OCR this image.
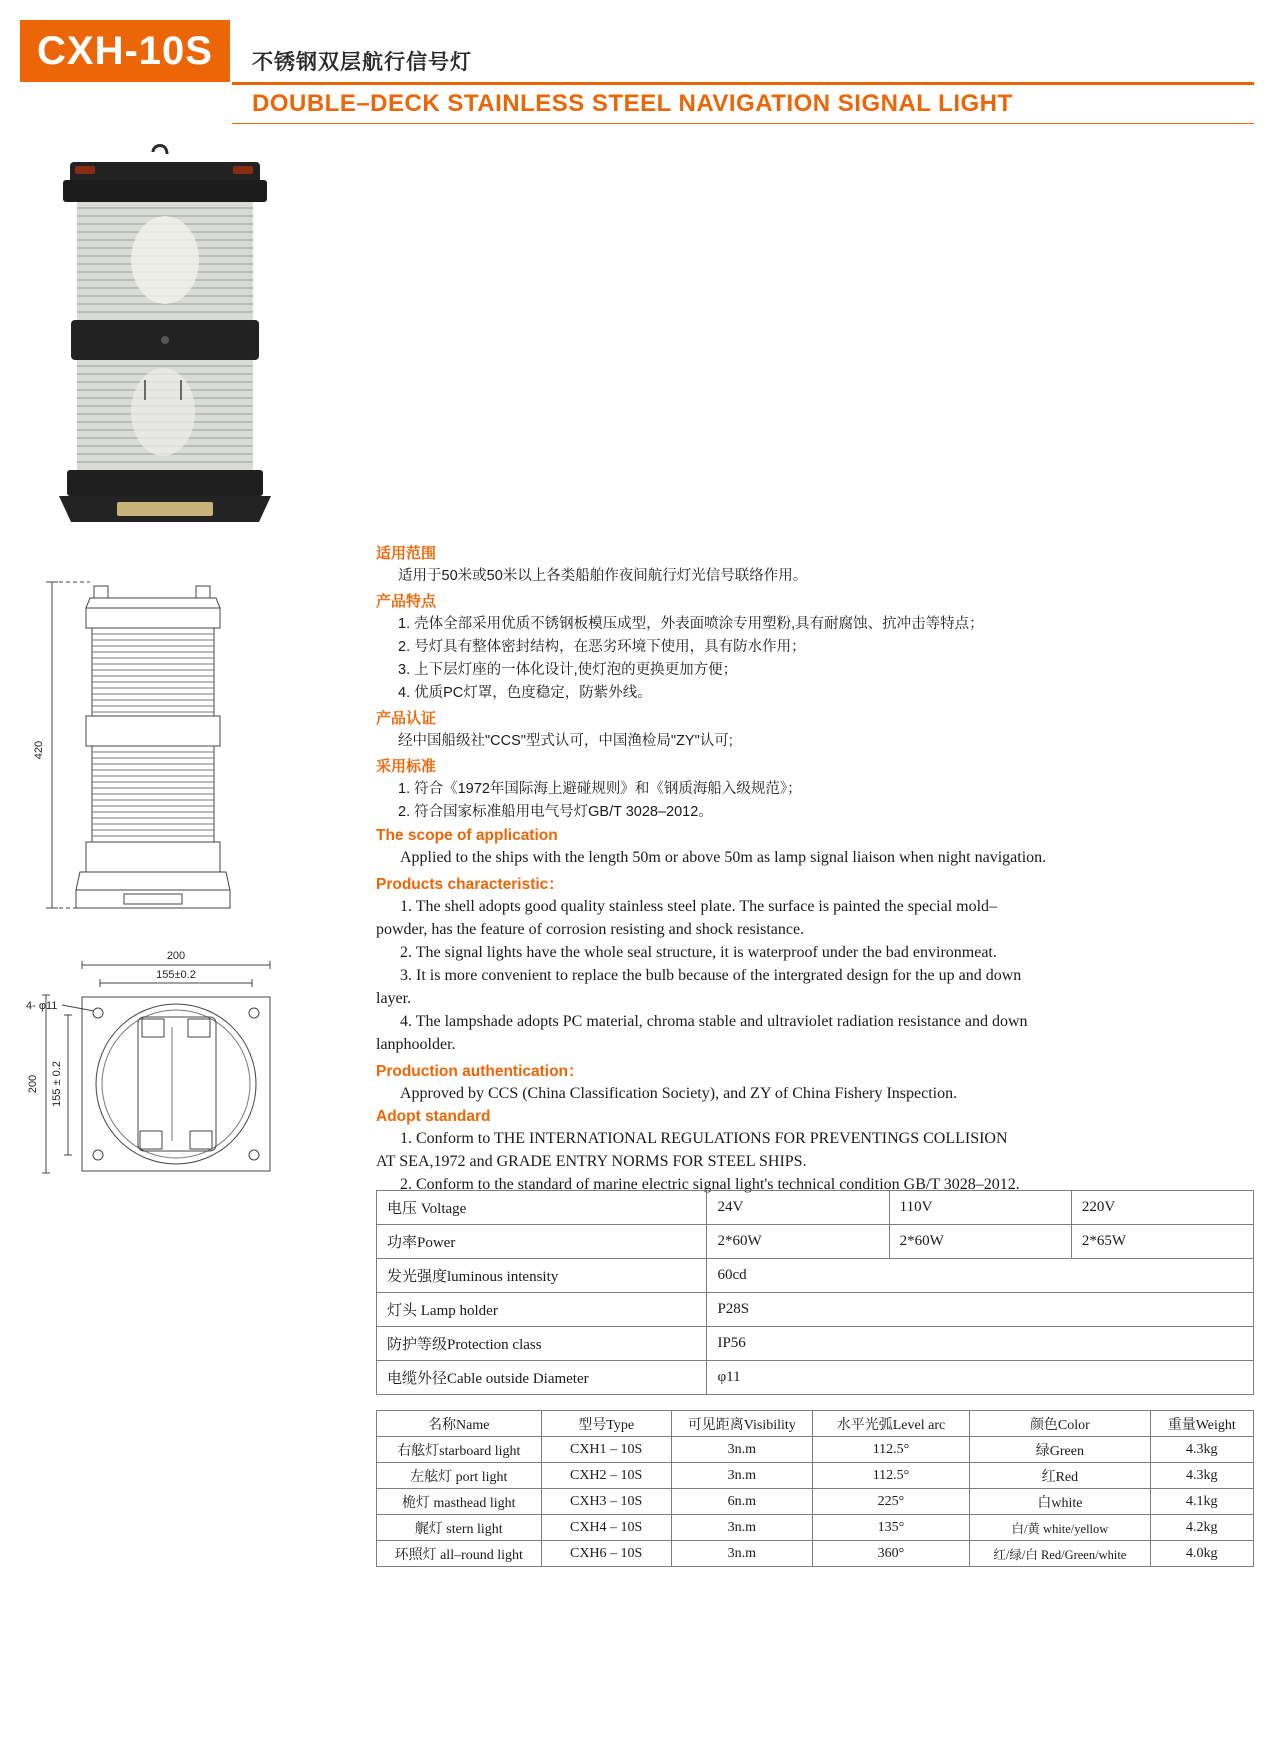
CXH-10S	不锈钢双层航行信号灯
DOUBLE–DECK STAINLESS STEEL NAVIGATION SIGNAL LIGHT
420
200
155±0.2
200 155 ± 0.2
4- φ11
适用范围
适用于50米或50米以上各类船舶作夜间航行灯光信号联络作用。
产品特点
1. 壳体全部采用优质不锈钢板模压成型，外表面喷涂专用塑粉,具有耐腐蚀、抗冲击等特点；
2. 号灯具有整体密封结构，在恶劣环境下使用，具有防水作用；
3. 上下层灯座的一体化设计,使灯泡的更换更加方便；
4. 优质PC灯罩，色度稳定，防紫外线。
产品认证
经中国船级社"CCS"型式认可，中国渔检局"ZY"认可;
采用标准
1. 符合《1972年国际海上避碰规则》和《钢质海船入级规范》；
2. 符合国家标准船用电气号灯GB/T 3028–2012。
The scope of application
Applied to the ships with the length 50m or above 50m as lamp signal liaison when night navigation.
Products characteristic：
1. The shell adopts good quality stainless steel plate. The surface is painted the special mold–
powder, has the feature of corrosion resisting and shock resistance.
2. The signal lights have the whole seal structure, it is waterproof under the bad environmeat.
3. It is more convenient to replace the bulb because of the intergrated design for the up and down
layer.
4. The lampshade adopts PC material, chroma stable and ultraviolet radiation resistance and down
lanphoolder.
Production authentication：
Approved by CCS (China Classification Society), and ZY of China Fishery Inspection.
Adopt standard
1. Conform to THE INTERNATIONAL REGULATIONS FOR PREVENTINGS COLLISION
AT SEA,1972 and GRADE ENTRY NORMS FOR STEEL SHIPS.
2. Conform to the standard of marine electric signal light's technical condition GB/T 3028–2012.
电压 Voltage	24V	110V	220V
功率Power	2*60W	2*60W	2*65W
发光强度luminous intensity	60cd		
灯头 Lamp holder	P28S		
防护等级Protection class	IP56		
电缆外径Cable outside Diameter	φ11		
名称Name	型号Type	可见距离Visibility	水平光弧Level arc	颜色Color	重量Weight
右舷灯starboard light	CXH1 – 10S	3n.m	112.5°	绿Green	4.3kg
左舷灯 port light	CXH2 – 10S	3n.m	112.5°	红Red	4.3kg
桅灯 masthead light	CXH3 – 10S	6n.m	225°	白white	4.1kg
艉灯 stern light	CXH4 – 10S	3n.m	135°	白/黄 white/yellow	4.2kg
环照灯 all–round light	CXH6 – 10S	3n.m	360°	红/绿/白 Red/Green/white	4.0kg
